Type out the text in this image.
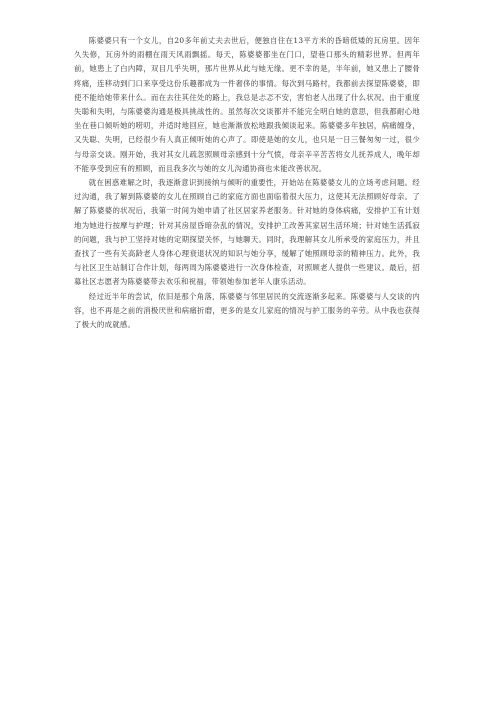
陈婆婆只有一个女儿，自20多年前丈夫去世后，便独自住在13平方米的昏暗低矮的瓦房里。因年久失修，瓦房外的雨棚在雨天风雨飘摇。每天，陈婆婆都坐在门口，望巷口那头的精彩世界。但两年前，她患上了白内障，双目几乎失明，那片世界从此与她无缘。更不幸的是，半年前，她又患上了腰骨疼痛，连移动到门口来享受这份乐趣都成为一件奢侈的事情。每次到马路村，我都前去探望陈婆婆，即使不能给她带来什么。而在去往其住处的路上，我总是忐忑不安，害怕老人出现了什么状况。由于重度失聪和失明，与陈婆婆沟通是极具挑战性的。虽然每次交谈都并不能完全明白她的意思，但我都耐心地坐在巷口倾听她的唠叨，并适时地回应，她也渐渐放松地跟我倾谈起来。陈婆婆多年独居，病痛缠身，又失聪、失明，已经很少有人真正倾听她的心声了。即使是她的女儿，也只是一日三餐匆匆一过，很少与母亲交谈。刚开始，我对其女儿疏忽照顾母亲感到十分气愤，母亲辛辛苦苦将女儿抚养成人，晚年却不能享受到应有的照顾，而且我多次与她的女儿沟通协商也未能改善状况。

就在困惑难解之时，我逐渐意识到接纳与倾听的重要性，开始站在陈婆婆女儿的立场考虑问题。经过沟通，我了解到陈婆婆的女儿在照顾自己的家庭方面也面临着很大压力，这使其无法照顾好母亲。了解了陈婆婆的状况后，我第一时间为她申请了社区居家养老服务。针对她的身体病痛，安排护工有计划地为她进行按摩与护理；针对其房屋昏暗杂乱的情况，安排护工改善其家居生活环境；针对她生活孤寂的问题，我与护工坚持对她的定期探望关怀，与她聊天。同时，我理解其女儿所承受的家庭压力，并且查找了一些有关高龄老人身体心理衰退状况的知识与她分享，缓解了她照顾母亲的精神压力。此外，我与社区卫生站制订合作计划，每两周为陈婆婆进行一次身体检查，对照顾老人提供一些建议。最后，招募社区志愿者为陈婆婆带去欢乐和祝福，带领她参加老年人康乐活动。

经过近半年的尝试，依旧是那个角落，陈婆婆与邻里居民的交流逐渐多起来。陈婆婆与人交谈的内容，也不再是之前的消极厌世和病痛折磨，更多的是女儿家庭的情况与护工服务的辛劳。从中我也获得了极大的成就感。
